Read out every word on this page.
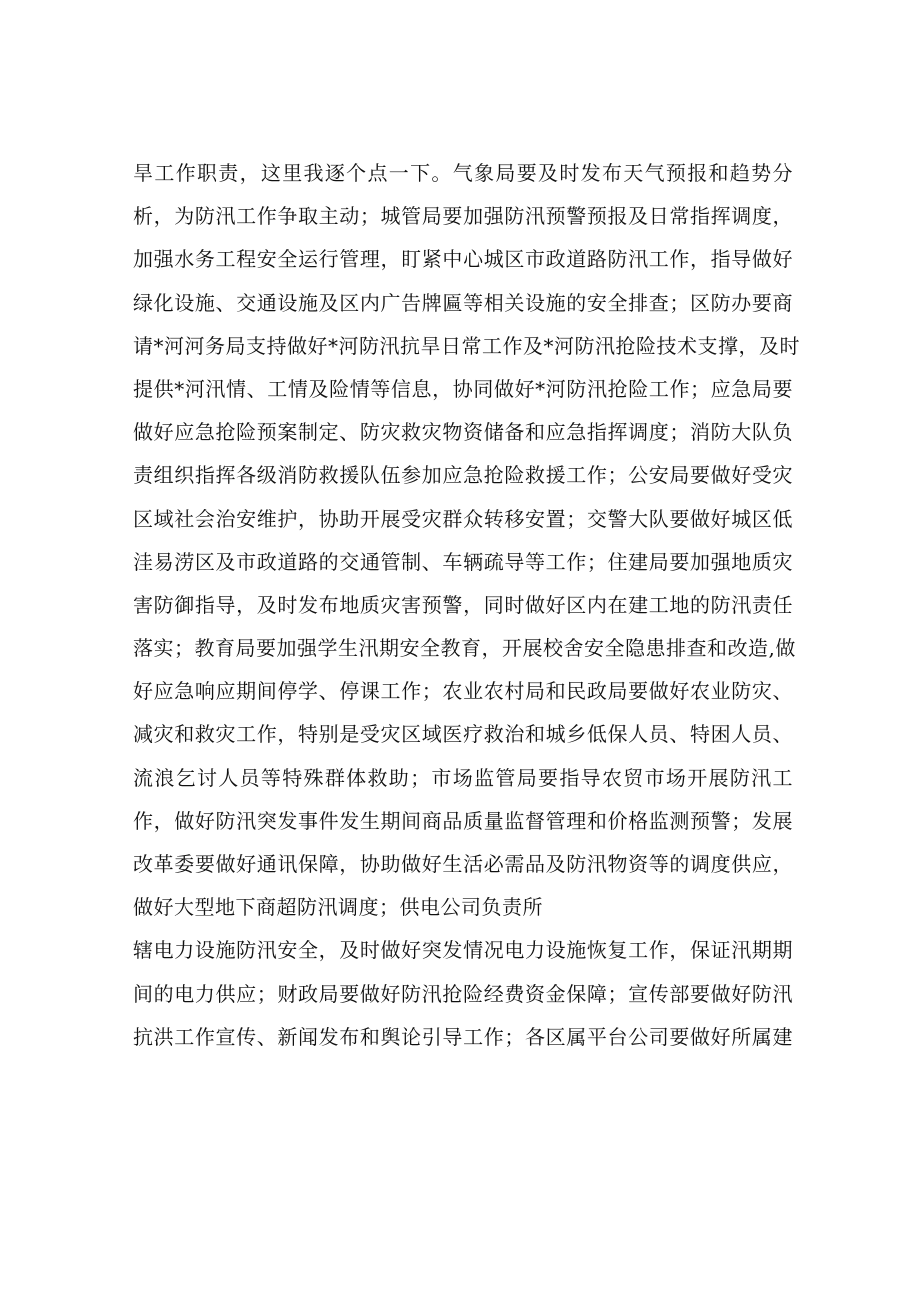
旱工作职责，这里我逐个点一下。气象局要及时发布天气预报和趋势分
析，为防汛工作争取主动；城管局要加强防汛预警预报及日常指挥调度，
加强水务工程安全运行管理，盯紧中心城区市政道路防汛工作，指导做好
绿化设施、交通设施及区内广告牌匾等相关设施的安全排查；区防办要商
请*河河务局支持做好*河防汛抗旱日常工作及*河防汛抢险技术支撑，及时
提供*河汛情、工情及险情等信息，协同做好*河防汛抢险工作；应急局要
做好应急抢险预案制定、防灾救灾物资储备和应急指挥调度；消防大队负
责组织指挥各级消防救援队伍参加应急抢险救援工作；公安局要做好受灾
区域社会治安维护，协助开展受灾群众转移安置；交警大队要做好城区低
洼易涝区及市政道路的交通管制、车辆疏导等工作；住建局要加强地质灾
害防御指导，及时发布地质灾害预警，同时做好区内在建工地的防汛责任
落实；教育局要加强学生汛期安全教育，开展校舍安全隐患排查和改造,做
好应急响应期间停学、停课工作；农业农村局和民政局要做好农业防灾、
减灾和救灾工作，特别是受灾区域医疗救治和城乡低保人员、特困人员、
流浪乞讨人员等特殊群体救助；市场监管局要指导农贸市场开展防汛工
作，做好防汛突发事件发生期间商品质量监督管理和价格监测预警；发展
改革委要做好通讯保障，协助做好生活必需品及防汛物资等的调度供应，
做好大型地下商超防汛调度；供电公司负责所
辖电力设施防汛安全，及时做好突发情况电力设施恢复工作，保证汛期期
间的电力供应；财政局要做好防汛抢险经费资金保障；宣传部要做好防汛
抗洪工作宣传、新闻发布和舆论引导工作；各区属平台公司要做好所属建
